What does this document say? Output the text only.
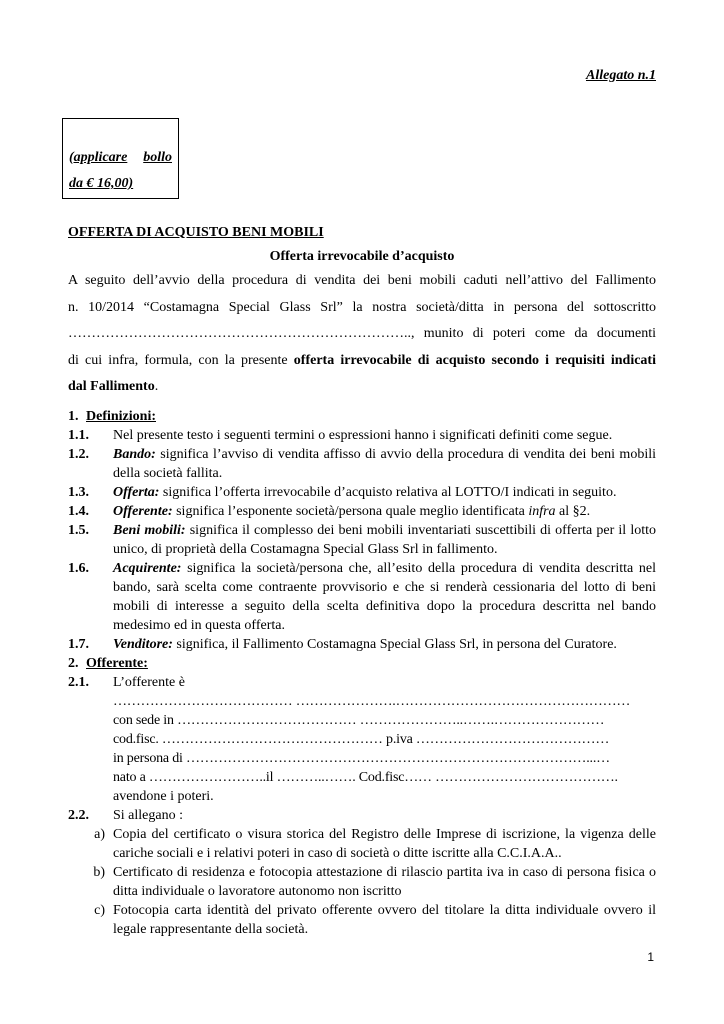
Allegato n.1
(applicare bollo
da € 16,00)
OFFERTA DI ACQUISTO BENI MOBILI
Offerta irrevocabile d’acquisto
A seguito dell’avvio della procedura di vendita dei beni mobili caduti nell’attivo del Fallimento
n. 10/2014 “Costamagna Special Glass Srl” la nostra società/ditta in persona del sottoscritto
……………………………………………………………….., munito di poteri come da documenti
di cui infra, formula, con la presente offerta irrevocabile di acquisto secondo i requisiti indicati
dal Fallimento.
1. Definizioni:
1.1.	Nel presente testo i seguenti termini o espressioni hanno i significati definiti come segue.
1.2.	Bando: significa l’avviso di vendita affisso di avvio della procedura di vendita dei beni mobili della società fallita.
1.3.	Offerta: significa l’offerta irrevocabile d’acquisto relativa al LOTTO/I indicati in seguito.
1.4.	Offerente: significa l’esponente società/persona quale meglio identificata infra al §2.
1.5.	Beni mobili: significa il complesso dei beni mobili inventariati suscettibili di offerta per il lotto unico, di proprietà della Costamagna Special Glass Srl in fallimento.
1.6.	Acquirente: significa la società/persona che, all’esito della procedura di vendita descritta nel bando, sarà scelta come contraente provvisorio e che si renderà cessionaria del lotto di beni mobili di interesse a seguito della scelta definitiva dopo la procedura descritta nel bando medesimo ed in questa offerta.
1.7.	Venditore: significa, il Fallimento Costamagna Special Glass Srl, in persona del Curatore.
2. Offerente:
2.1.	L’offerente è
………………………………… ………………….……………………………………………
con sede in ………………………………… …………………..…….……………………
cod.fisc. ………………………………………… p.iva ……………………………………
in persona di ……………………………………………………………………………...…
nato a ……………………..il ………..……. Cod.fisc…… ………………………………….
avendone i poteri.
2.2.	Si allegano :
a) Copia del certificato o visura storica del Registro delle Imprese di iscrizione, la vigenza delle cariche sociali e i relativi poteri in caso di società o ditte iscritte alla C.C.I.A.A..
b) Certificato di residenza e fotocopia attestazione di rilascio partita iva in caso di persona fisica o ditta individuale o lavoratore autonomo non iscritto
c) Fotocopia carta identità del privato offerente ovvero del titolare la ditta individuale ovvero il legale rappresentante della società.
1
